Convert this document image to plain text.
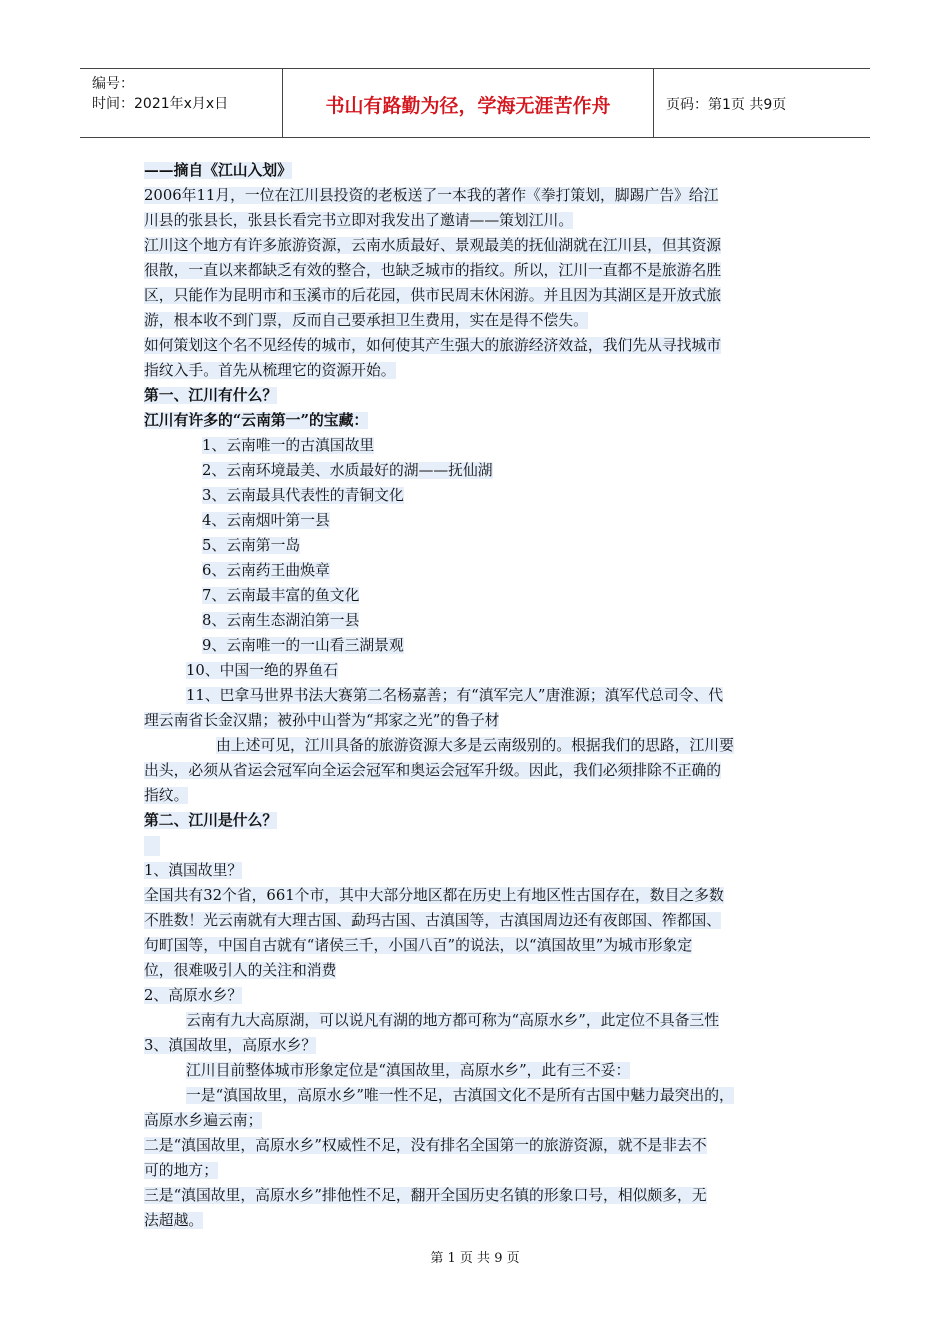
编号：
时间：2021年x月x日	书山有路勤为径，学海无涯苦作舟	页码：第1页 共9页
——摘自《江山入划》
2006年11月，一位在江川县投资的老板送了一本我的著作《拳打策划，脚踢广告》给江
川县的张县长，张县长看完书立即对我发出了邀请——策划江川。
江川这个地方有许多旅游资源，云南水质最好、景观最美的抚仙湖就在江川县，但其资源
很散，一直以来都缺乏有效的整合，也缺乏城市的指纹。所以，江川一直都不是旅游名胜
区，只能作为昆明市和玉溪市的后花园，供市民周末休闲游。并且因为其湖区是开放式旅
游，根本收不到门票，反而自己要承担卫生费用，实在是得不偿失。
如何策划这个名不见经传的城市，如何使其产生强大的旅游经济效益，我们先从寻找城市
指纹入手。首先从梳理它的资源开始。
第一、江川有什么？
江川有许多的“云南第一”的宝藏：
1、云南唯一的古滇国故里
2、云南环境最美、水质最好的湖——抚仙湖
3、云南最具代表性的青铜文化
4、云南烟叶第一县
5、云南第一岛
6、云南药王曲焕章
7、云南最丰富的鱼文化
8、云南生态湖泊第一县
9、云南唯一的一山看三湖景观
10、中国一绝的界鱼石
11、巴拿马世界书法大赛第二名杨嘉善；有“滇军完人”唐淮源；滇军代总司令、代
理云南省长金汉鼎；被孙中山誉为“邦家之光”的鲁子材
由上述可见，江川具备的旅游资源大多是云南级别的。根据我们的思路，江川要
出头，必须从省运会冠军向全运会冠军和奥运会冠军升级。因此，我们必须排除不正确的
指纹。
第二、江川是什么？
1、滇国故里？
全国共有32个省，661个市，其中大部分地区都在历史上有地区性古国存在，数目之多数
不胜数！光云南就有大理古国、勐玛古国、古滇国等，古滇国周边还有夜郎国、筰都国、
句町国等，中国自古就有“诸侯三千，小国八百”的说法，以“滇国故里”为城市形象定
位，很难吸引人的关注和消费
2、高原水乡？
云南有九大高原湖，可以说凡有湖的地方都可称为“高原水乡”，此定位不具备三性
3、滇国故里，高原水乡？
江川目前整体城市形象定位是“滇国故里，高原水乡”，此有三不妥：
一是“滇国故里，高原水乡”唯一性不足，古滇国文化不是所有古国中魅力最突出的，
高原水乡遍云南；
二是“滇国故里，高原水乡”权威性不足，没有排名全国第一的旅游资源，就不是非去不
可的地方；
三是“滇国故里，高原水乡”排他性不足，翻开全国历史名镇的形象口号，相似颇多，无
法超越。
第 1 页 共 9 页
